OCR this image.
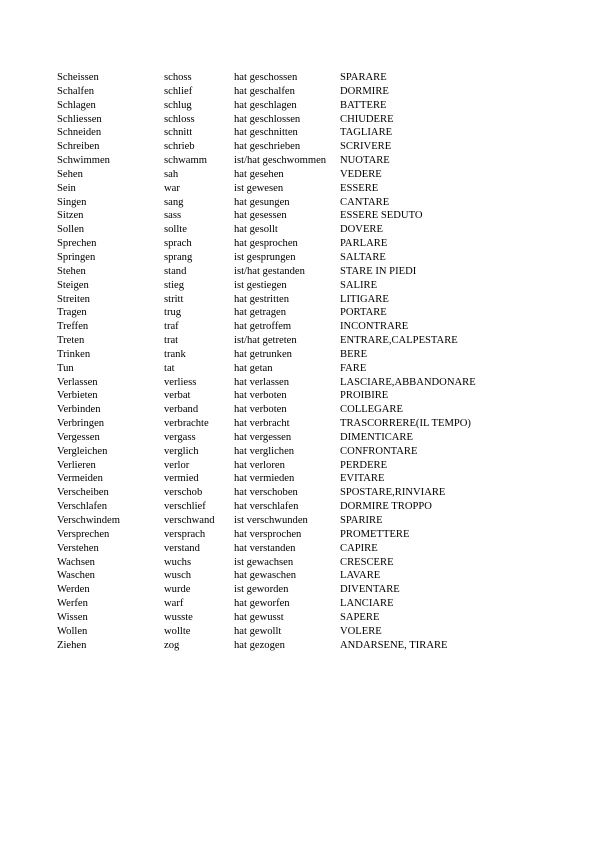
Scheissen	schoss	hat geschossen	SPARARE
Schalfen	schlief	hat geschalfen	DORMIRE
Schlagen	schlug	hat geschlagen	BATTERE
Schliessen	schloss	hat geschlossen	CHIUDERE
Schneiden	schnitt	hat geschnitten	TAGLIARE
Schreiben	schrieb	hat geschrieben	SCRIVERE
Schwimmen	schwamm	ist/hat geschwommen	NUOTARE
Sehen	sah	hat gesehen	VEDERE
Sein	war	ist gewesen	ESSERE
Singen	sang	hat gesungen	CANTARE
Sitzen	sass	hat gesessen	ESSERE SEDUTO
Sollen	sollte	hat gesollt	DOVERE
Sprechen	sprach	hat gesprochen	PARLARE
Springen	sprang	ist gesprungen	SALTARE
Stehen	stand	ist/hat gestanden	STARE IN PIEDI
Steigen	stieg	ist gestiegen	SALIRE
Streiten	stritt	hat gestritten	LITIGARE
Tragen	trug	hat getragen	PORTARE
Treffen	traf	hat getroffem	INCONTRARE
Treten	trat	ist/hat getreten	ENTRARE,CALPESTARE
Trinken	trank	hat getrunken	BERE
Tun	tat	hat getan	FARE
Verlassen	verliess	hat verlassen	LASCIARE,ABBANDONARE
Verbieten	verbat	hat verboten	PROIBIRE
Verbinden	verband	hat verboten	COLLEGARE
Verbringen	verbrachte	hat verbracht	TRASCORRERE(IL TEMPO)
Vergessen	vergass	hat vergessen	DIMENTICARE
Vergleichen	verglich	hat verglichen	CONFRONTARE
Verlieren	verlor	hat verloren	PERDERE
Vermeiden	vermied	hat vermieden	EVITARE
Verscheiben	verschob	hat verschoben	SPOSTARE,RINVIARE
Verschlafen	verschlief	hat verschlafen	DORMIRE TROPPO
Verschwindem	verschwand	ist verschwunden	SPARIRE
Versprechen	versprach	hat versprochen	PROMETTERE
Verstehen	verstand	hat verstanden	CAPIRE
Wachsen	wuchs	ist gewachsen	CRESCERE
Waschen	wusch	hat gewaschen	LAVARE
Werden	wurde	ist geworden	DIVENTARE
Werfen	warf	hat geworfen	LANCIARE
Wissen	wusste	hat gewusst	SAPERE
Wollen	wollte	hat gewollt	VOLERE
Ziehen	zog	hat gezogen	ANDARSENE, TIRARE
